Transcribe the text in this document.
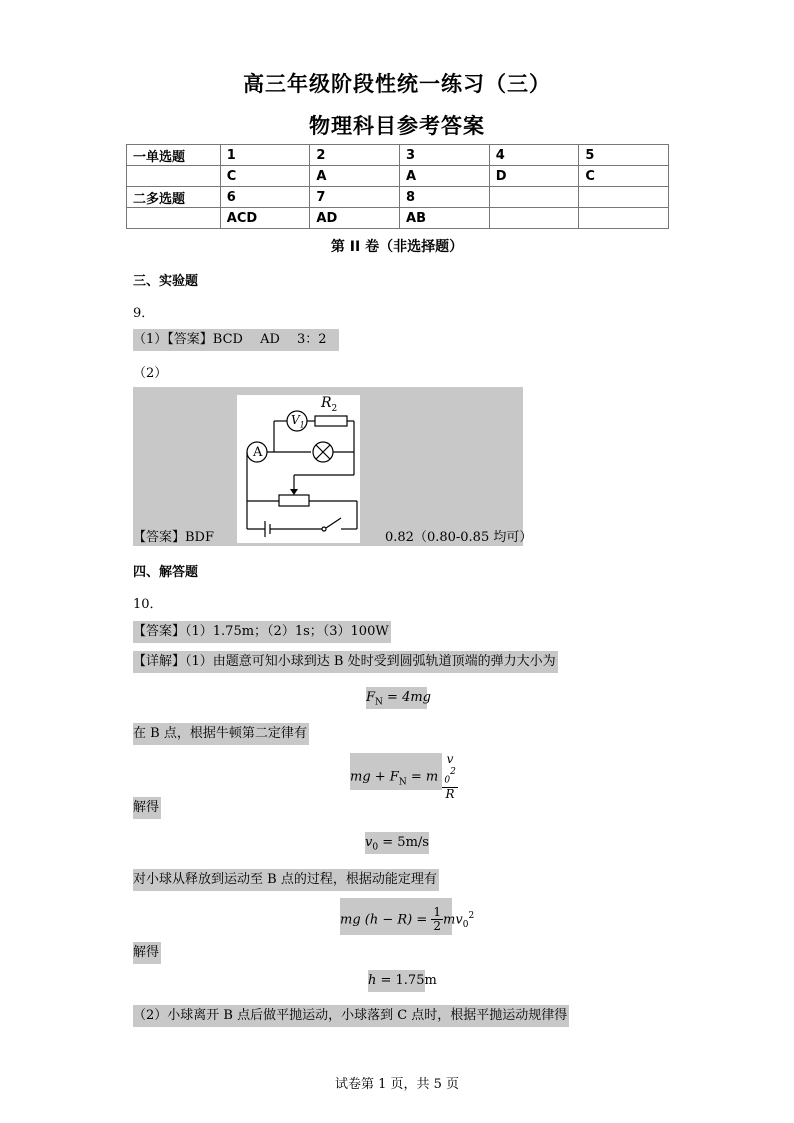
高三年级阶段性统一练习（三）
物理科目参考答案
一单选题	1	2	3	4	5
	C	A	A	D	C
二多选题	6	7	8		
	ACD	AD	AB		
第 II 卷（非选择题）
三、实验题
9．
（1）【答案】BCD　 AD　 3：2
（2）
A
$V_1$
$R_2$
【答案】BDF	0.82（0.80-0.85 均可）
四、解答题
10．
【答案】（1）1.75m；（2）1s；（3）100W
【详解】（1）由题意可知小球到达 B 处时受到圆弧轨道顶端的弹力大小为
$F_N = 4mg$
在 B 点，根据牛顿第二定律有
mg + $F_N = m$ v
$_0^2$
R
解得
$v_0 = 5m/s$
对小球从释放到运动至 B 点的过程，根据动能定理有
mg $(h - R) = \frac{1}{2} mv_0^2$
解得
h = 1.75m
（2）小球离开 B 点后做平抛运动，小球落到 C 点时，根据平抛运动规律得
试卷第 1 页，共 5 页
